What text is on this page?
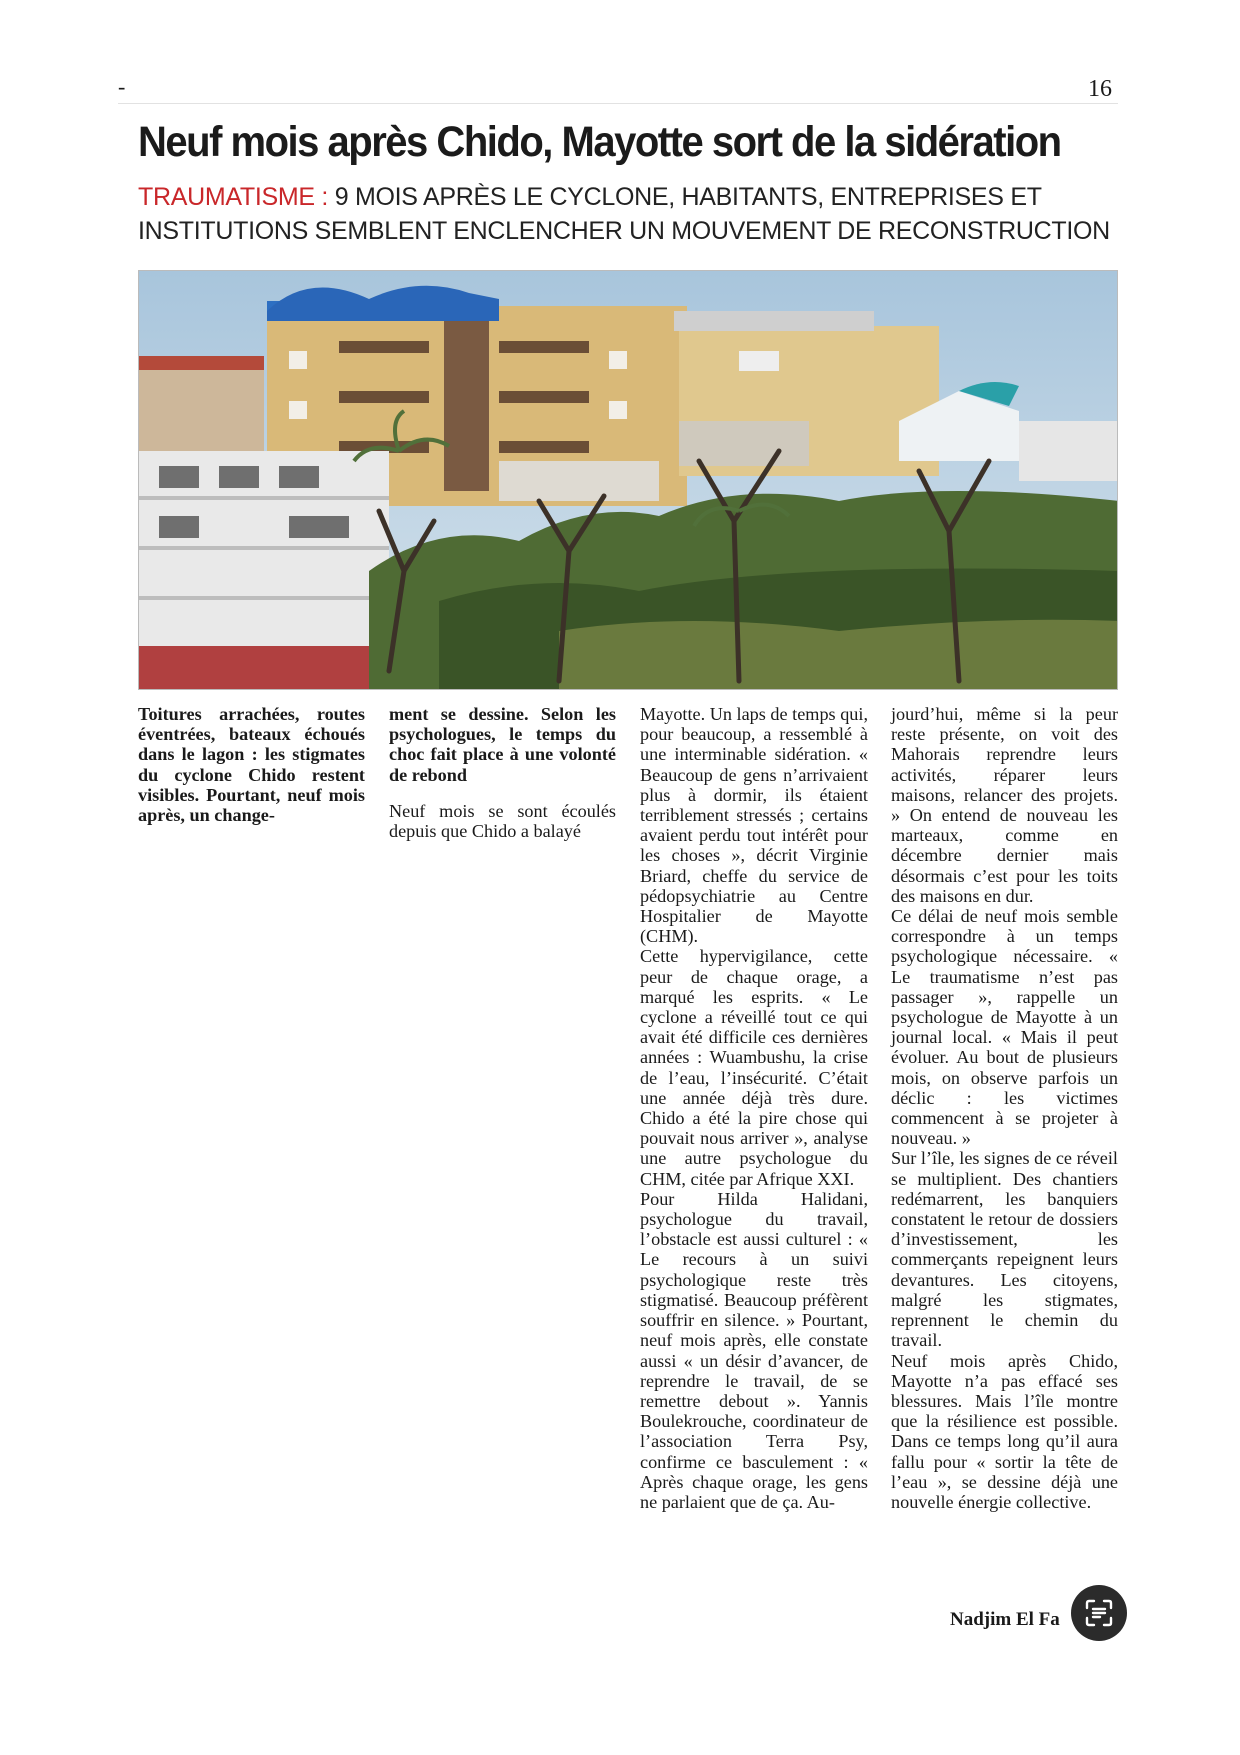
-	16
Neuf mois après Chido, Mayotte sort de la sidération

TRAUMATISME : 9 MOIS APRÈS LE CYCLONE, HABITANTS, ENTREPRISES ET INSTITUTIONS SEMBLENT ENCLENCHER UN MOUVEMENT DE RECONSTRUCTION

Toitures arrachées, routes éventrées, bateaux échoués dans le lagon : les stigmates du cyclone Chido restent visibles. Pourtant, neuf mois après, un change-

ment se dessine. Selon les psychologues, le temps du choc fait place à une volonté de rebond

Neuf mois se sont écoulés depuis que Chido a balayé

Mayotte. Un laps de temps qui, pour beaucoup, a ressemblé à une interminable sidération. « Beaucoup de gens n’arrivaient plus à dormir, ils étaient terriblement stressés ; certains avaient perdu tout intérêt pour les choses », décrit Virginie Briard, cheffe du service de pédopsychiatrie au Centre Hospitalier de Mayotte (CHM).

Cette hypervigilance, cette peur de chaque orage, a marqué les esprits. « Le cyclone a réveillé tout ce qui avait été difficile ces dernières années : Wuambushu, la crise de l’eau, l’insécurité. C’était une année déjà très dure. Chido a été la pire chose qui pouvait nous arriver », analyse une autre psychologue du CHM, citée par Afrique XXI.

Pour Hilda Halidani, psychologue du travail, l’obstacle est aussi culturel : « Le recours à un suivi psychologique reste très stigmatisé. Beaucoup préfèrent souffrir en silence. » Pourtant, neuf mois après, elle constate aussi « un désir d’avancer, de reprendre le travail, de se remettre debout ». Yannis Boulekrouche, coordinateur de l’association Terra Psy, confirme ce basculement : « Après chaque orage, les gens ne parlaient que de ça. Au-

jourd’hui, même si la peur reste présente, on voit des Mahorais reprendre leurs activités, réparer leurs maisons, relancer des projets. » On entend de nouveau les marteaux, comme en décembre dernier mais désormais c’est pour les toits des maisons en dur.

Ce délai de neuf mois semble correspondre à un temps psychologique nécessaire. « Le traumatisme n’est pas passager », rappelle un psychologue de Mayotte à un journal local. « Mais il peut évoluer. Au bout de plusieurs mois, on observe parfois un déclic : les victimes commencent à se projeter à nouveau. »

Sur l’île, les signes de ce réveil se multiplient. Des chantiers redémarrent, les banquiers constatent le retour de dossiers d’investissement, les commerçants repeignent leurs devantures. Les citoyens, malgré les stigmates, reprennent le chemin du travail.

Neuf mois après Chido, Mayotte n’a pas effacé ses blessures. Mais l’île montre que la résilience est possible. Dans ce temps long qu’il aura fallu pour « sortir la tête de l’eau », se dessine déjà une nouvelle énergie collective.

Nadjim El Fa
